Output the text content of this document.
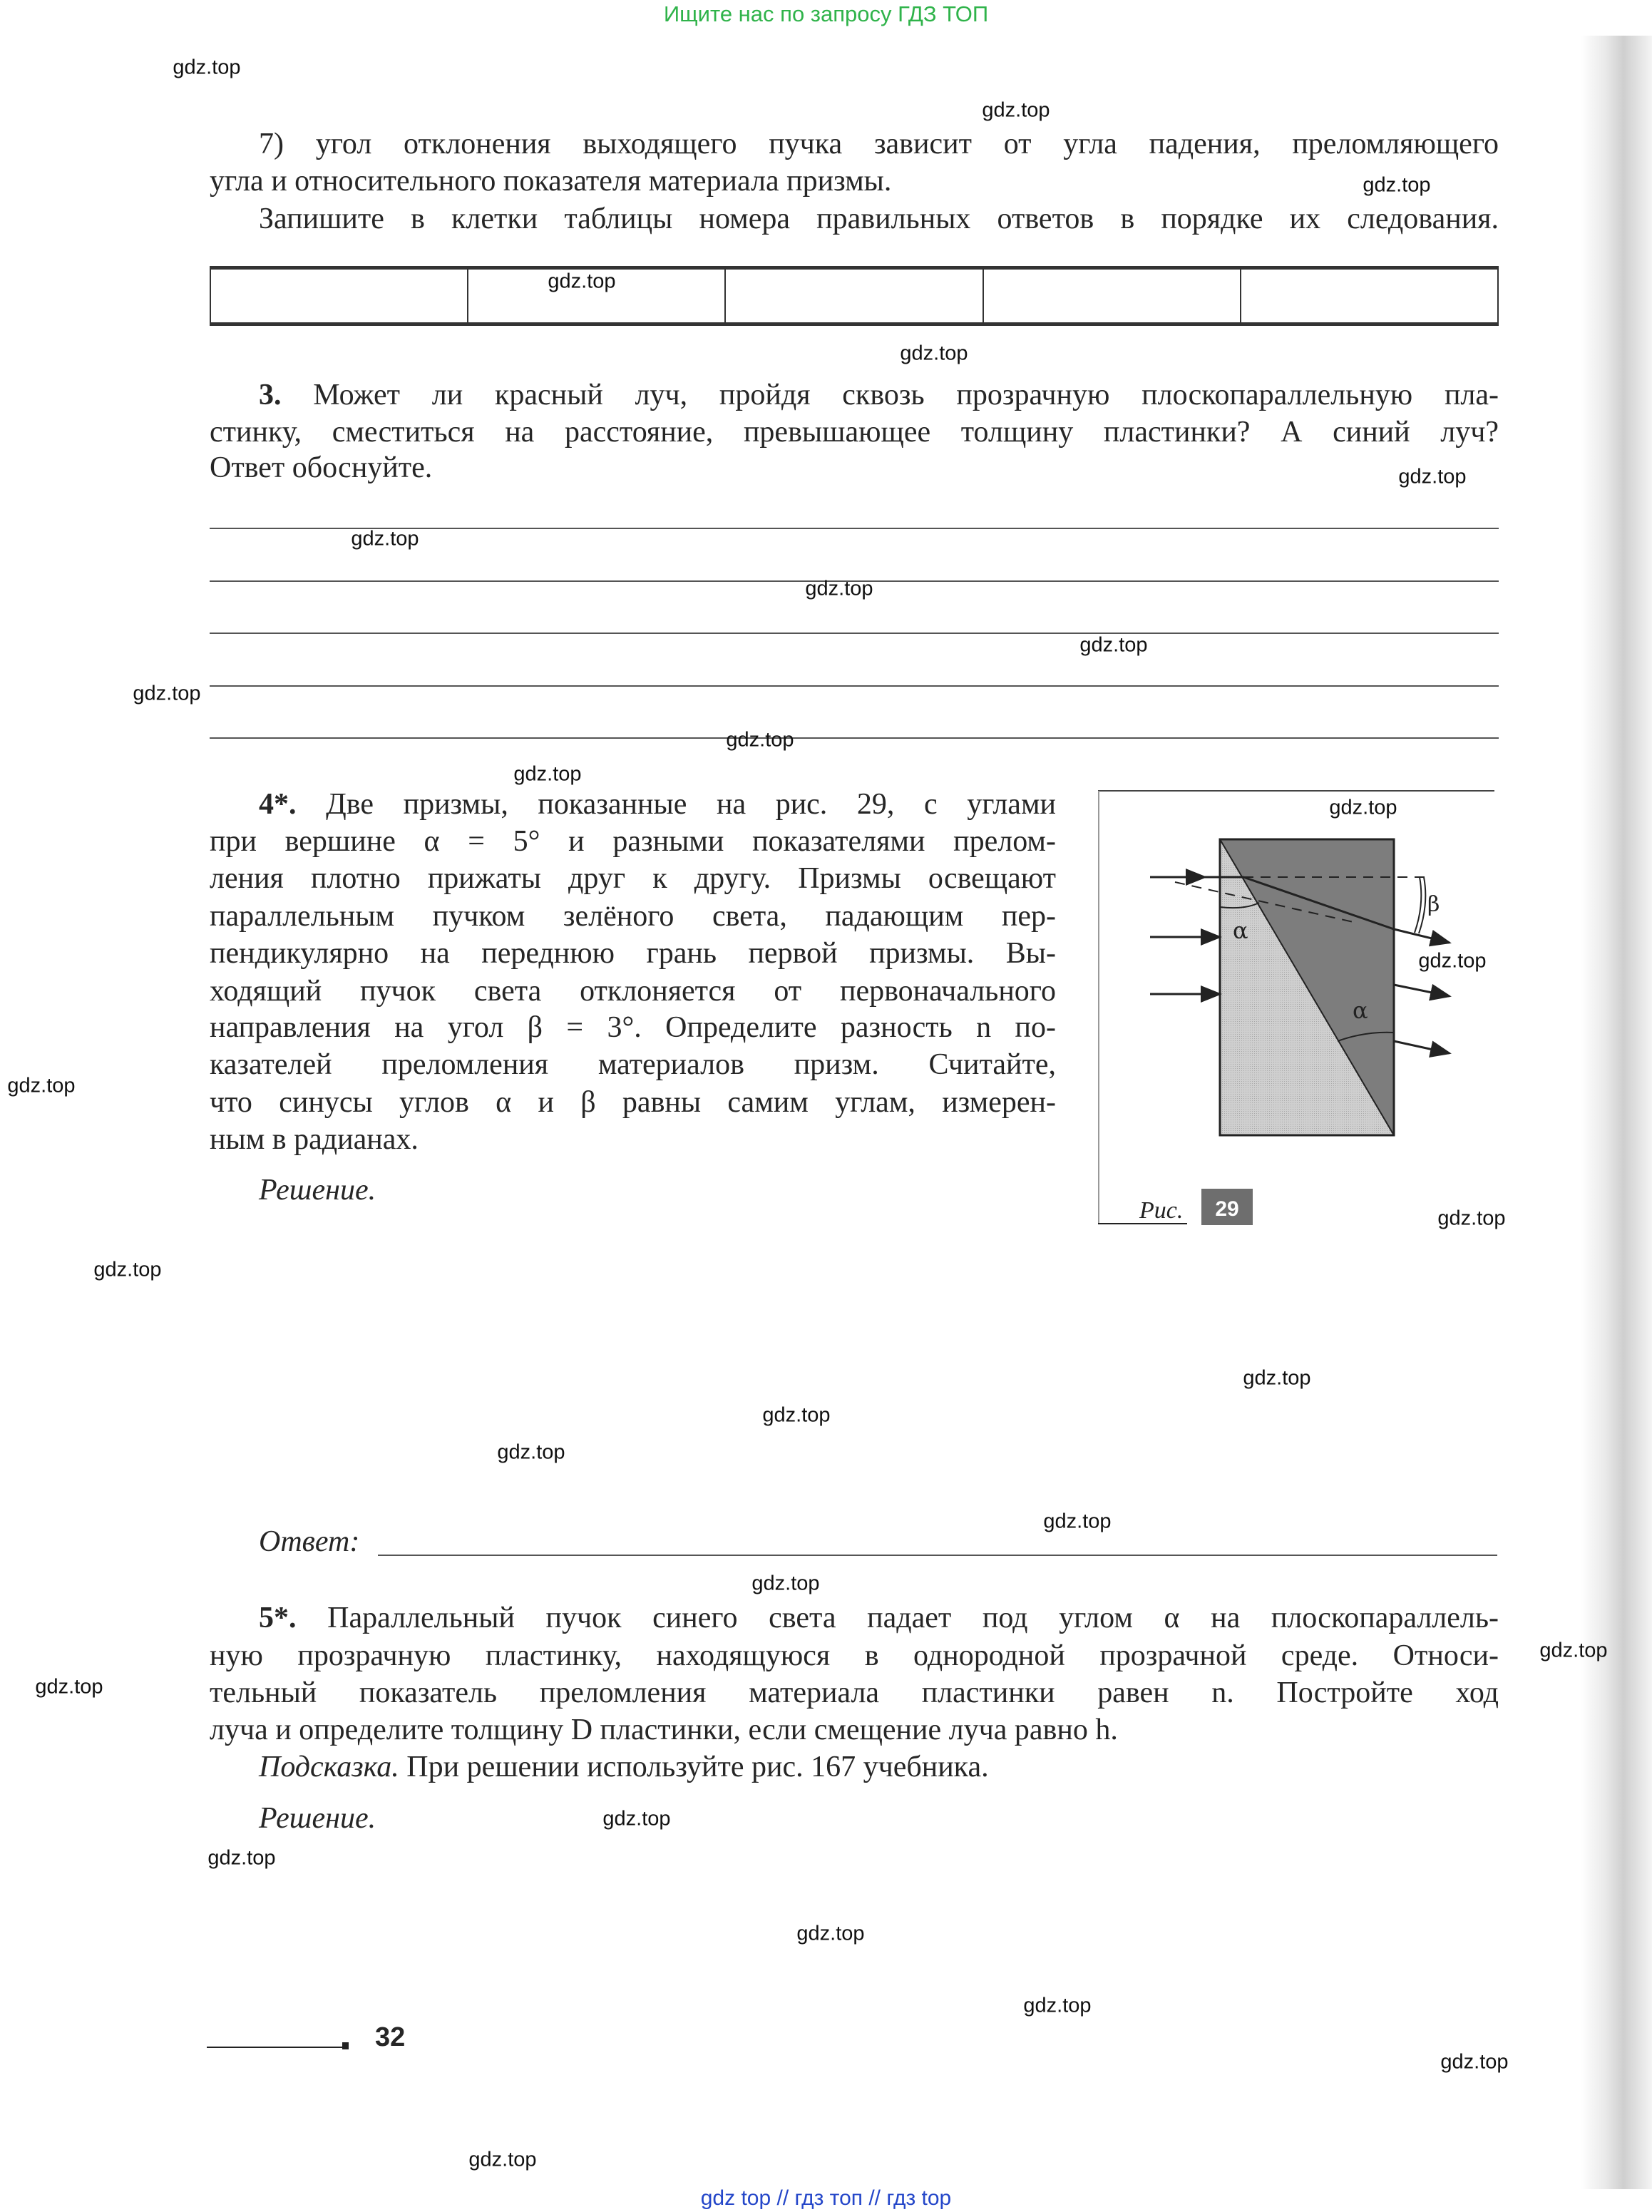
Ищите нас по запросу ГДЗ ТОП
7) угол отклонения выходящего пучка зависит от угла падения, преломляющего
угла и относительного показателя материала призмы.
Запишите в клетки таблицы номера правильных ответов в порядке их следования.
3. Может ли красный луч, пройдя сквозь прозрачную плоскопараллельную пла-
стинку, сместиться на расстояние, превышающее толщину пластинки? А синий луч?
Ответ обоснуйте.
4*. Две призмы, показанные на рис. 29, с углами
при вершине α = 5° и разными показателями прелом-
ления плотно прижаты друг к другу. Призмы освещают
параллельным пучком зелёного света, падающим пер-
пендикулярно на переднюю грань первой призмы. Вы-
ходящий пучок света отклоняется от первоначального
направления на угол β = 3°. Определите разность n по-
казателей преломления материалов призм. Считайте,
что синусы углов α и β равны самим углам, измерен-
ным в радианах.
Решение.
α
α
β
Рис. 29
Ответ:
5*. Параллельный пучок синего света падает под углом α на плоскопараллель-
ную прозрачную пластинку, находящуюся в однородной прозрачной среде. Относи-
тельный показатель преломления материала пластинки равен n. Постройте ход
луча и определите толщину D пластинки, если смещение луча равно h.
Подсказка. При решении используйте рис. 167 учебника.
Решение.
32
gdz.top
gdz.top
gdz.top
gdz.top
gdz.top
gdz.top
gdz.top
gdz.top
gdz.top
gdz.top
gdz.top
gdz.top
gdz.top
gdz.top
gdz.top
gdz.top
gdz.top
gdz.top
gdz.top
gdz.top
gdz.top
gdz.top
gdz.top
gdz.top
gdz.top
gdz.top
gdz.top
gdz.top
gdz.top
gdz.top
gdz top // гдз топ // гдз top
